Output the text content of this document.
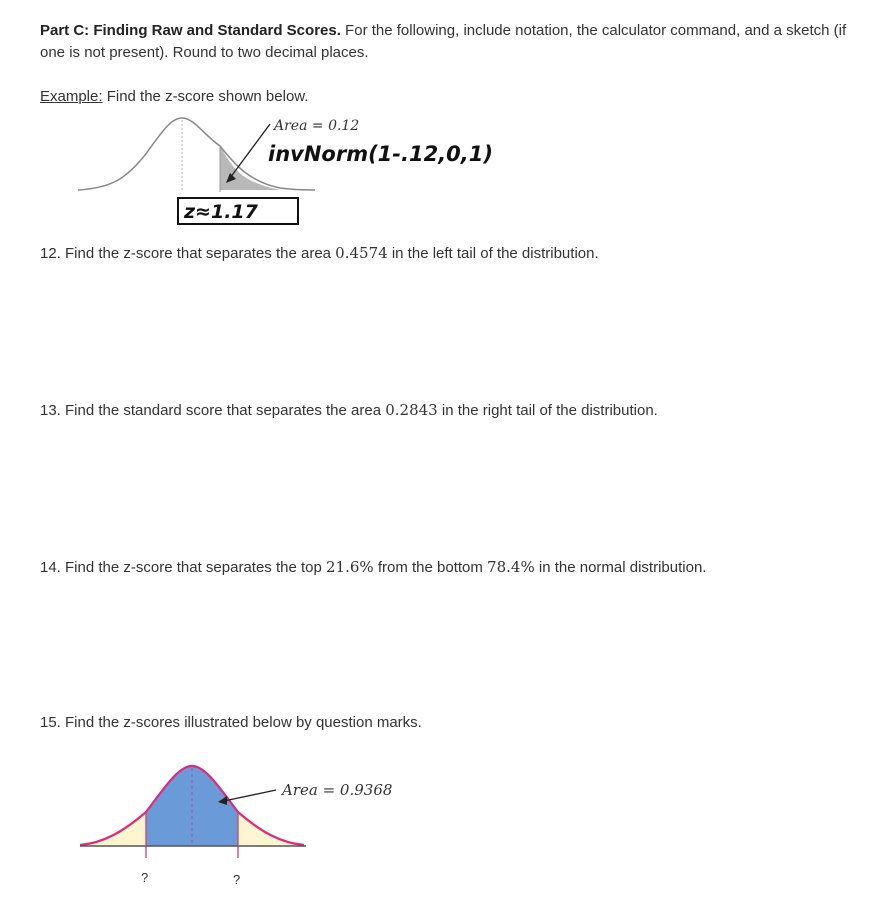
Part C: Finding Raw and Standard Scores. For the following, include notation, the calculator command, and a sketch (if one is not present). Round to two decimal places.
Example: Find the z-score shown below.
Area = 0.12
invNorm(1-.12,0,1)
z≈1.17
12. Find the z-score that separates the area 0.4574 in the left tail of the distribution.
13. Find the standard score that separates the area 0.2843 in the right tail of the distribution.
14. Find the z-score that separates the top 21.6% from the bottom 78.4% in the normal distribution.
15. Find the z-scores illustrated below by question marks.
Area = 0.9368
?	?
